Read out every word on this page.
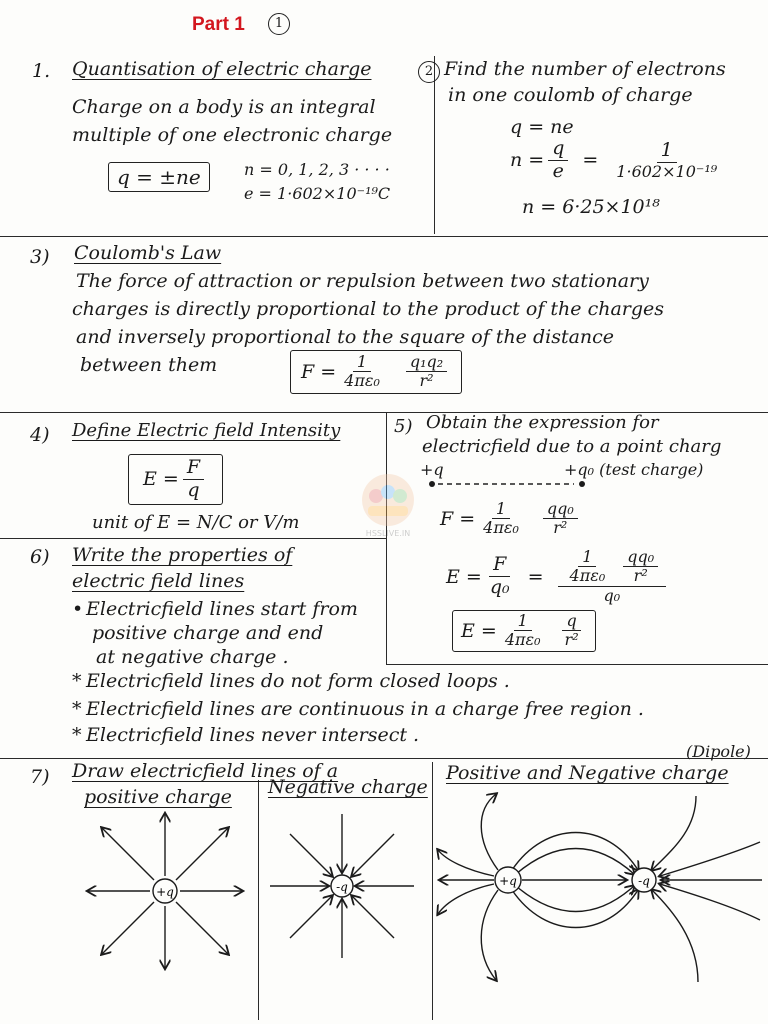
Part 1	1
1. Quantisation of electric charge
Charge on a body is an integral
multiple of one electronic charge
q = ±ne	n = 0, 1, 2, 3 · · · ·
e = 1·602×10⁻¹⁹C
2 Find the number of electrons
in one coulomb of charge
q = ne
$n = \frac{q}{e} = \frac{1}{\text{1·602×10⁻¹⁹}}$
n = 6·25×10¹⁸
3) Coulomb's Law
The force of attraction or repulsion between two stationary
charges is directly proportional to the product of the charges
and inversely proportional to the square of the distance
between them	$F = \frac{1}{\text{4πε₀}} \frac{\text{q₁q₂}}{\text{r²}}$
4) Define Electric field Intensity
$E = \frac{F}{q}$
unit of E = N/C or V/m
HSSLIVE.IN
5) Obtain the expression for
electricfield due to a point charg
+q	+q₀ (test charge)
$F = \frac{1}{\text{4πε₀}} \frac{\text{qq₀}}{\text{r²}}$
$E = \frac{F}{\text{q₀}} = \frac{1}{\text{4πε₀}} \frac{\text{qq₀}}{\text{r²}}$
q₀
$E = \frac{1}{\text{4πε₀}} \frac{q}{\text{r²}}$
6) Write the properties of
electric field lines
• Electricfield lines start from
positive charge and end
at negative charge .
* Electricfield lines do not form closed loops .
* Electricfield lines are continuous in a charge free region .
* Electricfield lines never intersect .
7) Draw electricfield lines of a
positive charge Negative charge
Positive and Negative charge
(Dipole)
+q	-q	+q	-q
